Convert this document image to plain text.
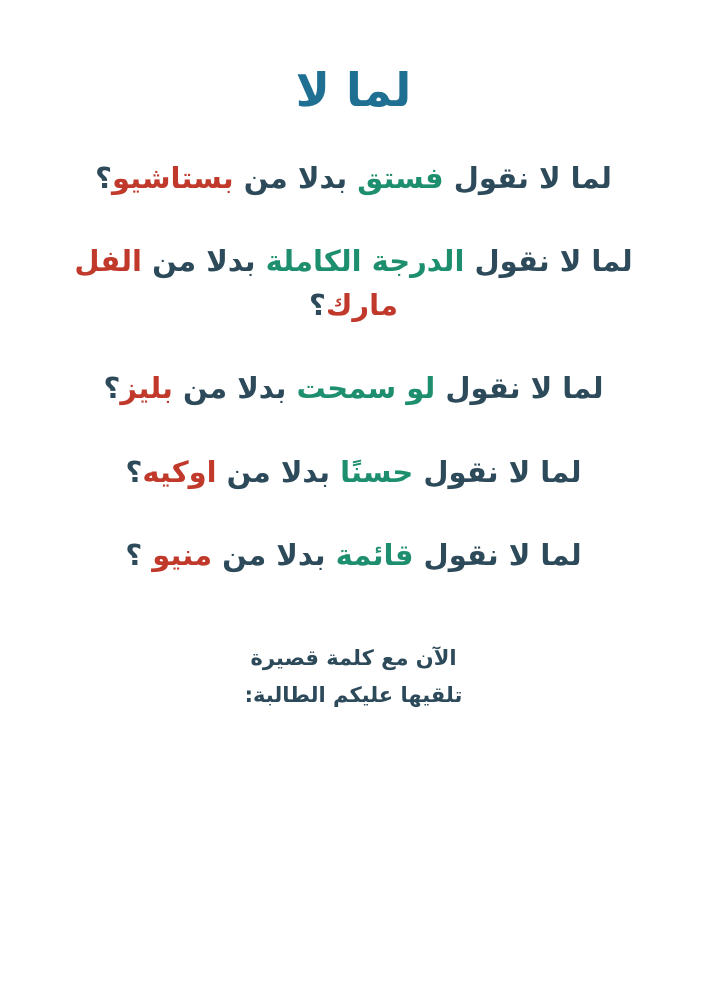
لما لا

لما لا نقول فستق بدلا من بستاشيو؟

لما لا نقول الدرجة الكاملة بدلا من الفل مارك؟

لما لا نقول لو سمحت بدلا من بليز؟

لما لا نقول حسنًا بدلا من اوكيه؟

لما لا نقول قائمة بدلا من منيو ؟

الآن مع كلمة قصيرة
تلقيها عليكم الطالبة:
